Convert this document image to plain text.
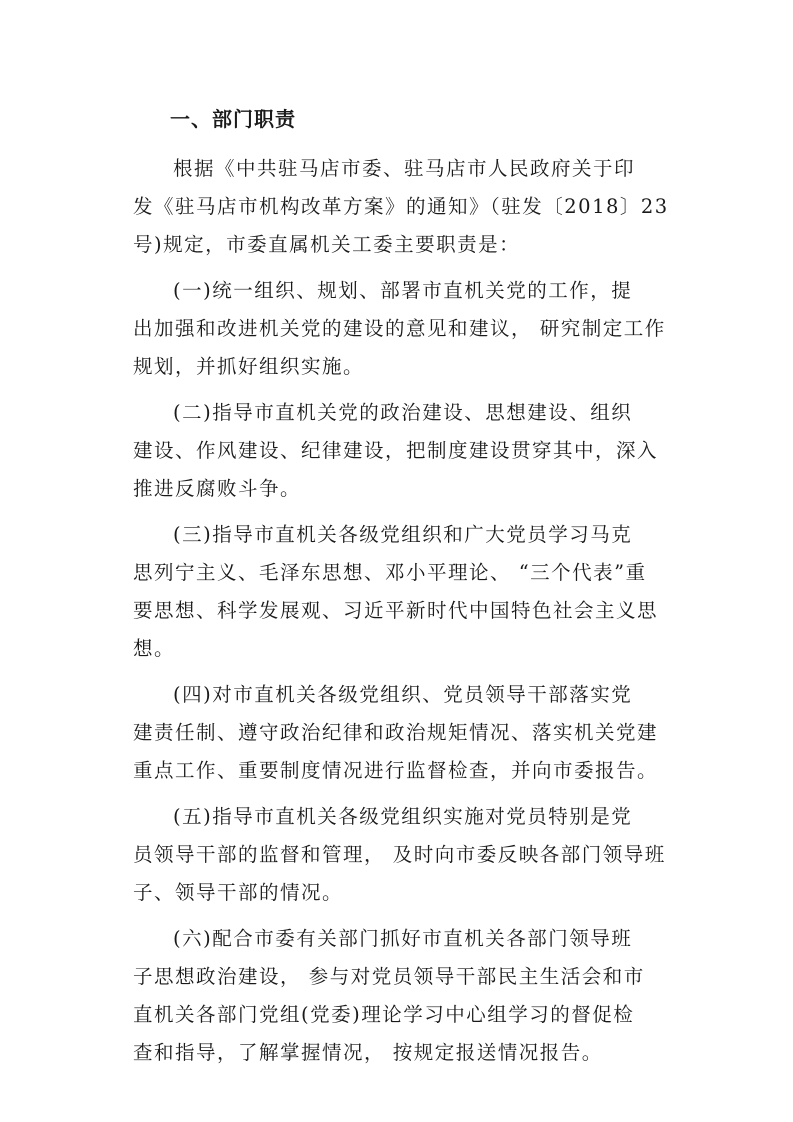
一、部门职责

根据《中共驻马店市委、驻马店市人民政府关于印
发《驻马店市机构改革方案》的通知》（驻发〔2018〕23
号)规定，市委直属机关工委主要职责是：

(一)统一组织、规划、部署市直机关党的工作，提
出加强和改进机关党的建设的意见和建议， 研究制定工作
规划，并抓好组织实施。

(二)指导市直机关党的政治建设、思想建设、组织
建设、作风建设、纪律建设，把制度建设贯穿其中，深入
推进反腐败斗争。

(三)指导市直机关各级党组织和广大党员学习马克
思列宁主义、毛泽东思想、邓小平理论、 “三个代表”重
要思想、科学发展观、习近平新时代中国特色社会主义思
想。

(四)对市直机关各级党组织、党员领导干部落实党
建责任制、遵守政治纪律和政治规矩情况、落实机关党建
重点工作、重要制度情况进行监督检查，并向市委报告。

(五)指导市直机关各级党组织实施对党员特别是党
员领导干部的监督和管理， 及时向市委反映各部门领导班
子、领导干部的情况。

(六)配合市委有关部门抓好市直机关各部门领导班
子思想政治建设， 参与对党员领导干部民主生活会和市
直机关各部门党组(党委)理论学习中心组学习的督促检
查和指导，了解掌握情况， 按规定报送情况报告。
